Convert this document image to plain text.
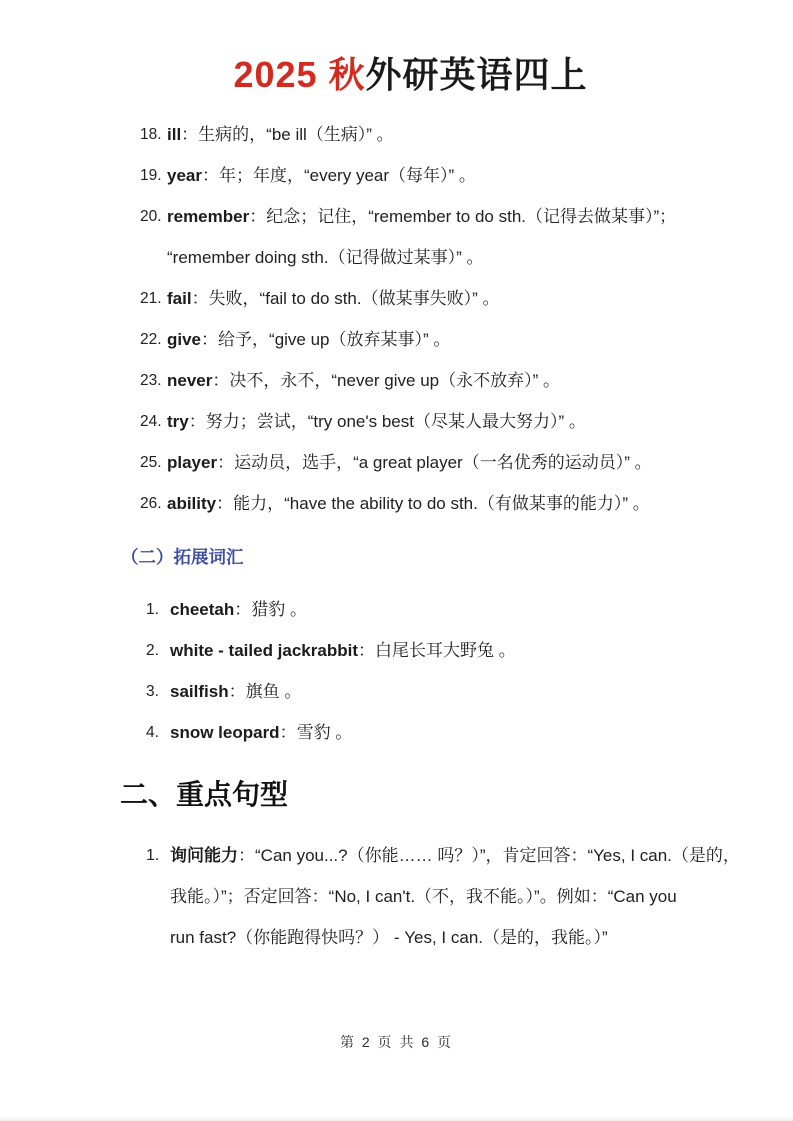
2025 秋外研英语四上
18. ill：生病的，“be ill（生病）” 。
19. year：年；年度，“every year（每年）” 。
20. remember：纪念；记住，“remember to do sth.（记得去做某事）”；
“remember doing sth.（记得做过某事）” 。
21. fail：失败，“fail to do sth.（做某事失败）” 。
22. give：给予，“give up（放弃某事）” 。
23. never：决不，永不，“never give up（永不放弃）” 。
24. try：努力；尝试，“try one's best（尽某人最大努力）” 。
25. player：运动员，选手，“a great player（一名优秀的运动员）” 。
26. ability：能力，“have the ability to do sth.（有做某事的能力）” 。
（二）拓展词汇
1. cheetah：猎豹 。
2. white - tailed jackrabbit：白尾长耳大野兔 。
3. sailfish：旗鱼 。
4. snow leopard：雪豹 。
二、重点句型
1. 询问能力：“Can you...?（你能…… 吗？）”，肯定回答：“Yes, I can.（是的，
我能。）”；否定回答：“No, I can't.（不，我不能。）”。例如：“Can you
run fast?（你能跑得快吗？） - Yes, I can.（是的，我能。）”
第 2 页 共 6 页
